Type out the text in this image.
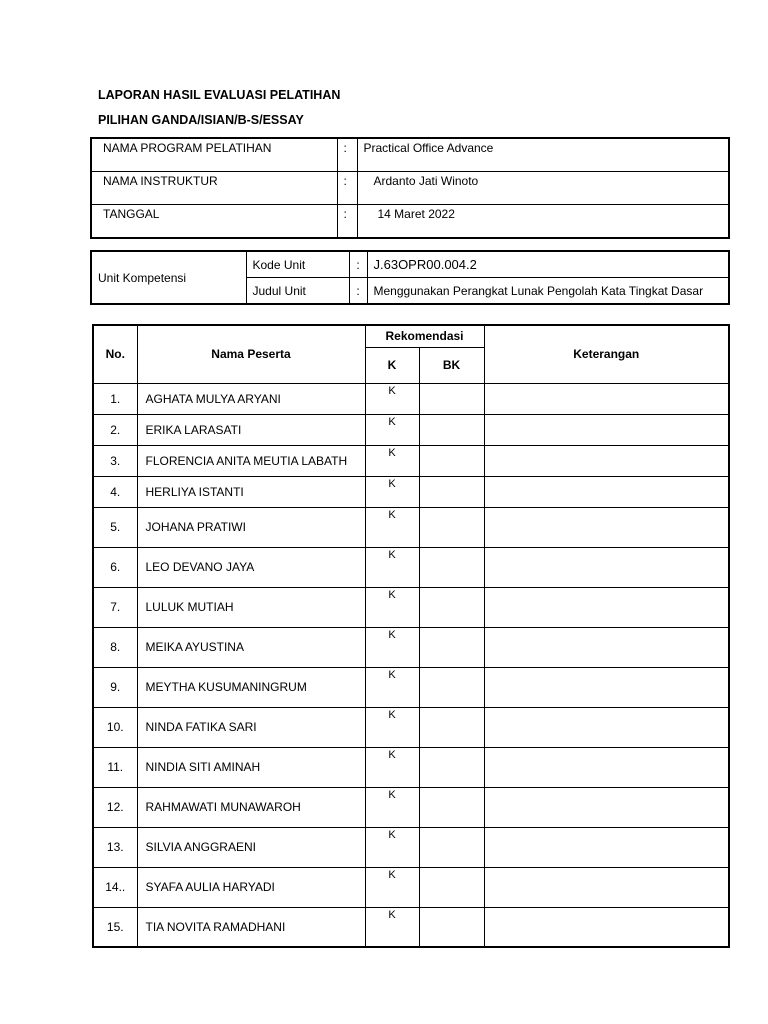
LAPORAN HASIL EVALUASI PELATIHAN
PILIHAN GANDA/ISIAN/B-S/ESSAY
NAMA PROGRAM PELATIHAN	:	Practical Office Advance
NAMA INSTRUKTUR	:	Ardanto Jati Winoto
TANGGAL	:	14 Maret 2022
Unit Kompetensi	Kode Unit	:	J.63OPR00.004.2
	Judul Unit	:	Menggunakan Perangkat Lunak Pengolah Kata Tingkat Dasar
No.	Nama Peserta	Rekomendasi		Keterangan
		K	BK	
1.	AGHATA MULYA ARYANI	K		
2.	ERIKA LARASATI	K		
3.	FLORENCIA ANITA MEUTIA LABATH	K		
4.	HERLIYA ISTANTI	K		
5.	JOHANA PRATIWI	K		
6.	LEO DEVANO JAYA	K		
7.	LULUK MUTIAH	K		
8.	MEIKA AYUSTINA	K		
9.	MEYTHA KUSUMANINGRUM	K		
10.	NINDA FATIKA SARI	K		
11.	NINDIA SITI AMINAH	K		
12.	RAHMAWATI MUNAWAROH	K		
13.	SILVIA ANGGRAENI	K		
14..	SYAFA AULIA HARYADI	K		
15.	TIA NOVITA RAMADHANI	K		
